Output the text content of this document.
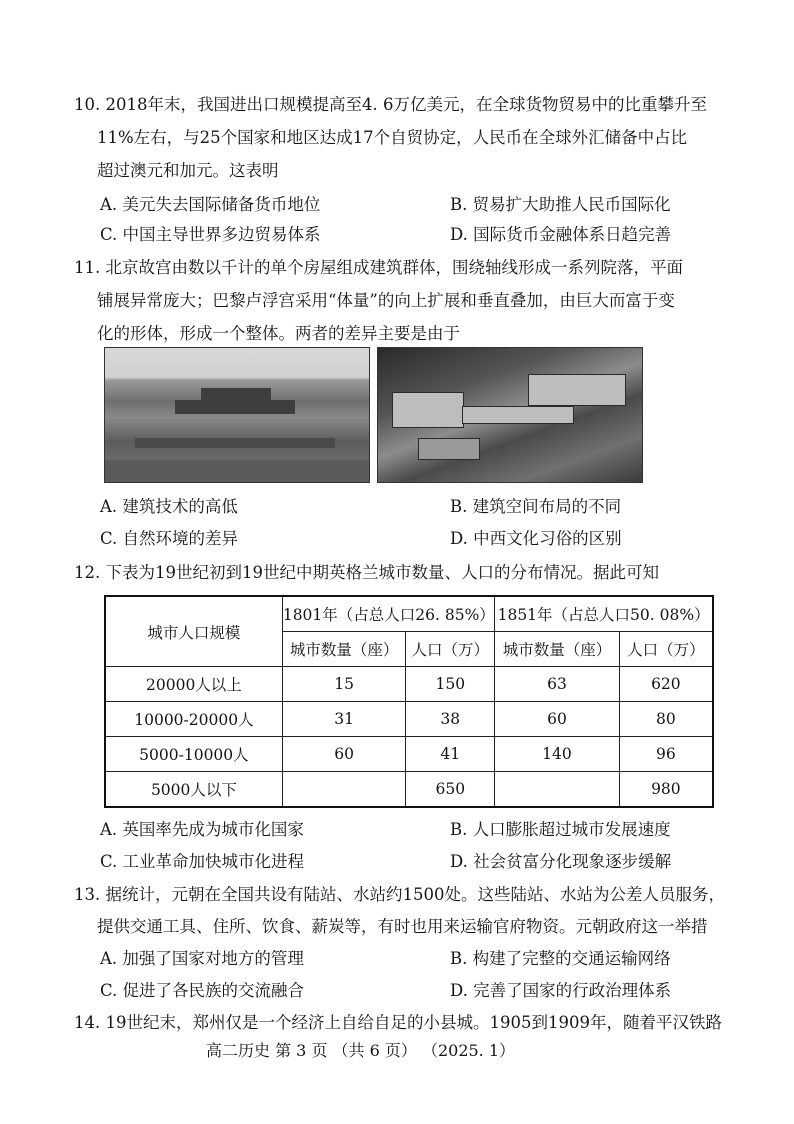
10. 2018年末，我国进出口规模提高至4. 6万亿美元，在全球货物贸易中的比重攀升至
11%左右，与25个国家和地区达成17个自贸协定，人民币在全球外汇储备中占比
超过澳元和加元。这表明
A. 美元失去国际储备货币地位	B. 贸易扩大助推人民币国际化
C. 中国主导世界多边贸易体系	D. 国际货币金融体系日趋完善
11. 北京故宫由数以千计的单个房屋组成建筑群体，围绕轴线形成一系列院落，平面
铺展异常庞大；巴黎卢浮宫采用“体量”的向上扩展和垂直叠加，由巨大而富于变
化的形体，形成一个整体。两者的差异主要是由于
A. 建筑技术的高低	B. 建筑空间布局的不同
C. 自然环境的差异	D. 中西文化习俗的区别
12. 下表为19世纪初到19世纪中期英格兰城市数量、人口的分布情况。据此可知
城市人口规模	1801年（占总人口26. 85%）		1851年（占总人口50. 08%）	
	城市数量（座）	人口（万）	城市数量（座）	人口（万）
20000人以上	15	150	63	620
10000-20000人	31	38	60	80
5000-10000人	60	41	140	96
5000人以下		650		980
A. 英国率先成为城市化国家	B. 人口膨胀超过城市发展速度
C. 工业革命加快城市化进程	D. 社会贫富分化现象逐步缓解
13. 据统计，元朝在全国共设有陆站、水站约1500处。这些陆站、水站为公差人员服务，
提供交通工具、住所、饮食、薪炭等，有时也用来运输官府物资。元朝政府这一举措
A. 加强了国家对地方的管理	B. 构建了完整的交通运输网络
C. 促进了各民族的交流融合	D. 完善了国家的行政治理体系
14. 19世纪末，郑州仅是一个经济上自给自足的小县城。1905到1909年，随着平汉铁路
高二历史 第 3 页 （共 6 页） （2025. 1）
